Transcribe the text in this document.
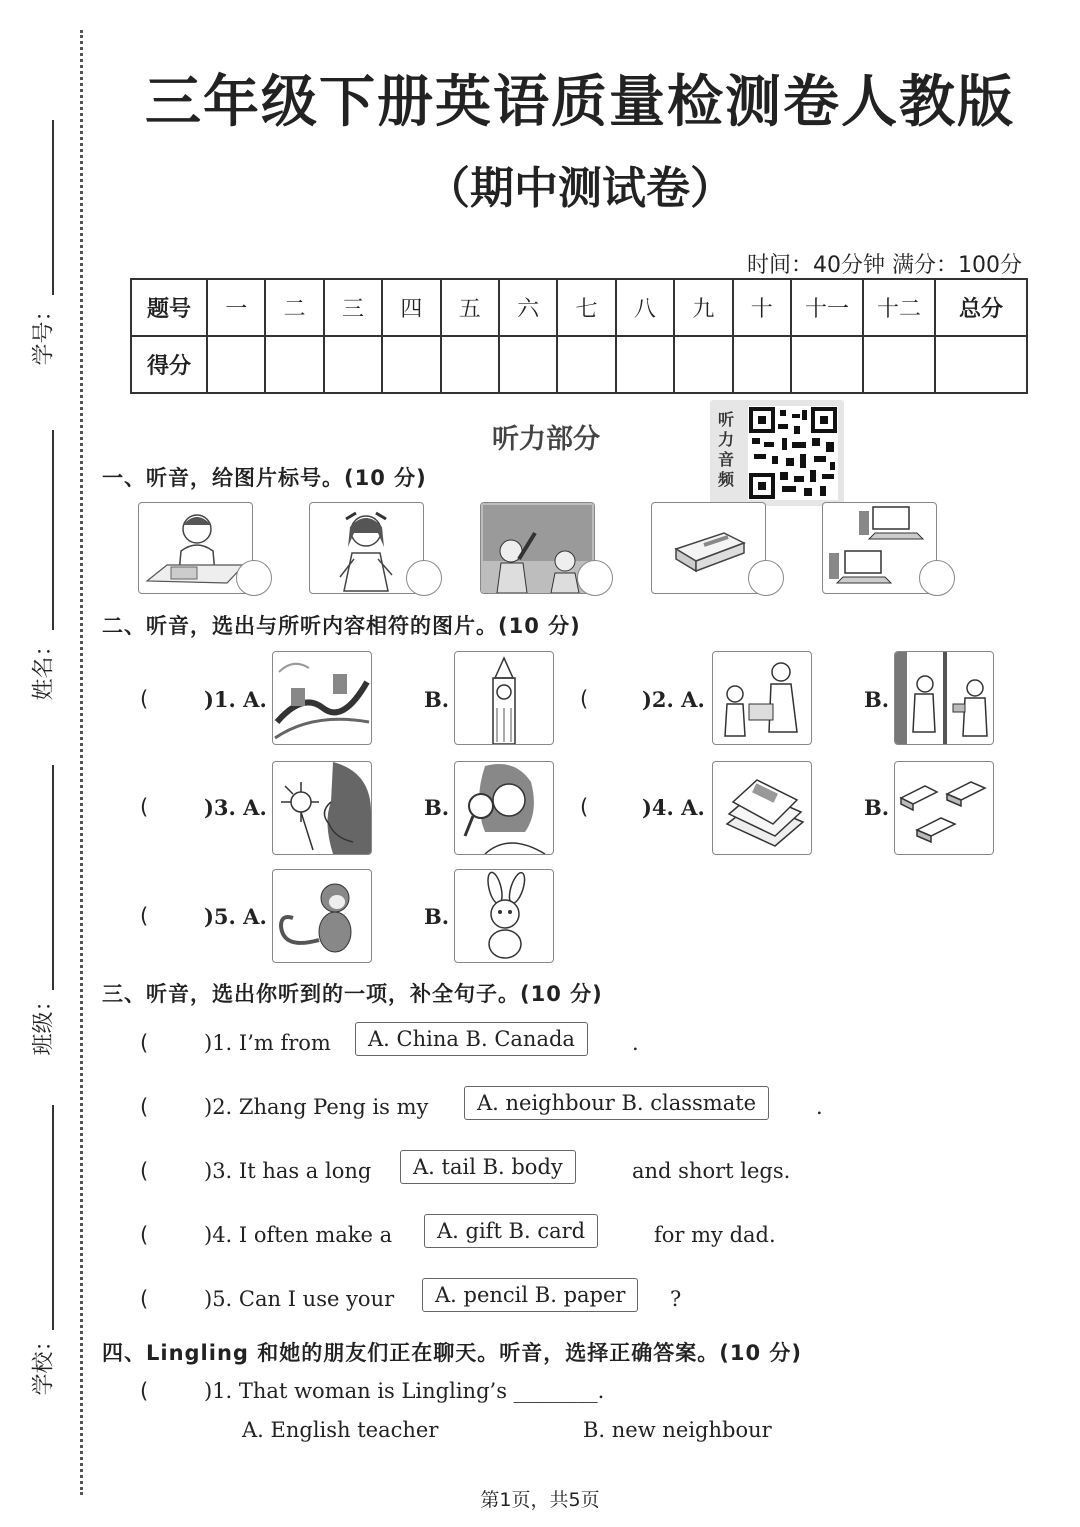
学号：
姓名：
班级：
学校：
三年级下册英语质量检测卷人教版
（期中测试卷）
时间：40分钟 满分：100分
题号	一	二	三	四	五	六	七	八	九	十	十一	十二	总分
得分													
听力部分
听力音频
一、听音，给图片标号。(10 分)
二、听音，选出与所听内容相符的图片。(10 分)
(	)1. A.	B.	(	)2. A.	B.
(	)3. A.	B.	(	)4. A.	B.
(	)5. A.	B.
三、听音，选出你听到的一项，补全句子。(10 分)
(	)1. I’m from	A. China B. Canada	.
(	)2. Zhang Peng is my	A. neighbour B. classmate	.
(	)3. It has a long	A. tail B. body	and short legs.
(	)4. I often make a	A. gift B. card	for my dad.
(	)5. Can I use your	A. pencil B. paper	?
四、Lingling 和她的朋友们正在聊天。听音，选择正确答案。(10 分)
(	)1. That woman is Lingling’s ________.
A. English teacher	B. new neighbour
第1页，共5页
